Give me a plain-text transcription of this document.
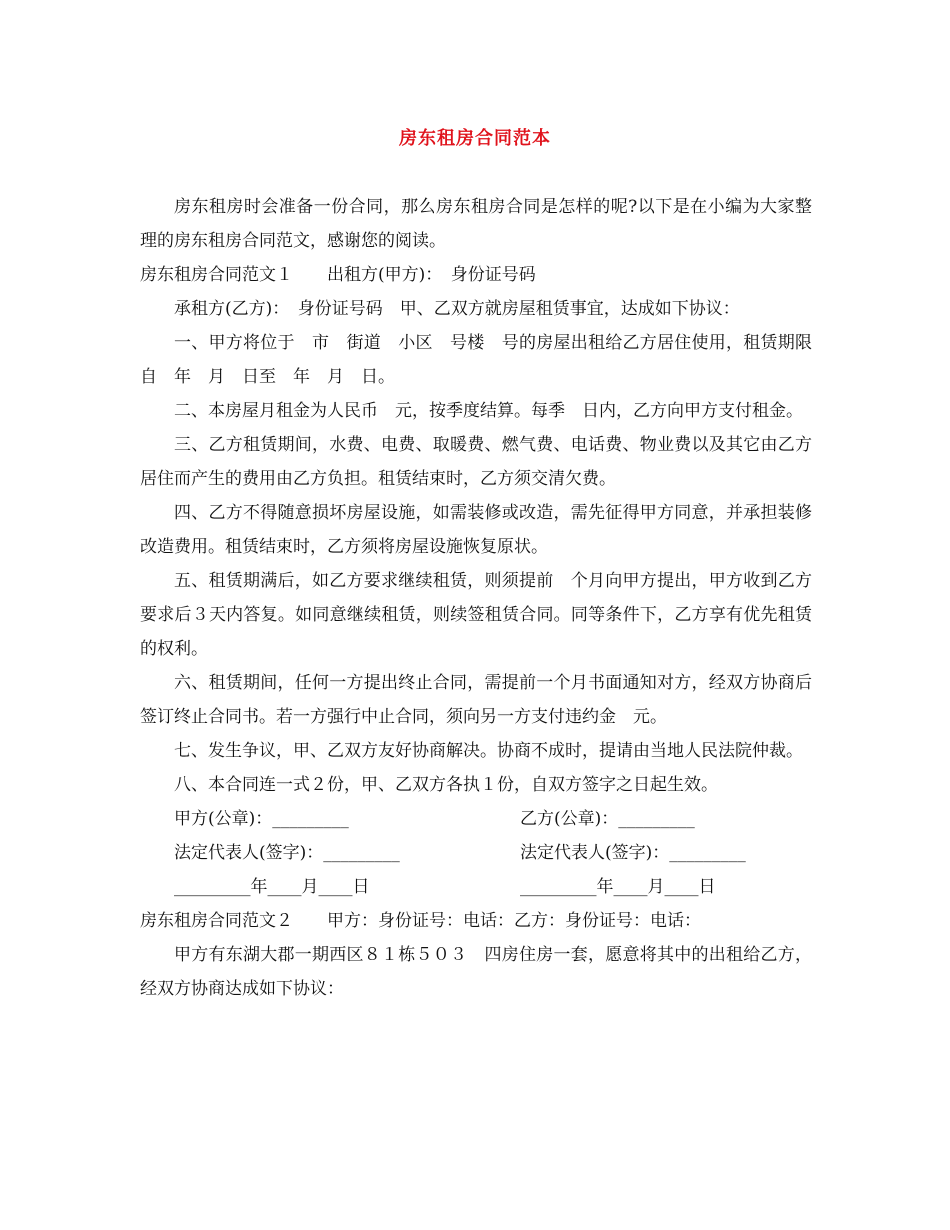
房东租房合同范本

房东租房时会准备一份合同，那么房东租房合同是怎样的呢?以下是在小编为大家整理的房东租房合同范文，感谢您的阅读。

房东租房合同范文１　　出租方(甲方)：　身份证号码

承租方(乙方)：　身份证号码　甲、乙双方就房屋租赁事宜，达成如下协议：

一、甲方将位于　市　街道　小区　号楼　号的房屋出租给乙方居住使用，租赁期限自　年　月　日至　年　月　日。

二、本房屋月租金为人民币　元，按季度结算。每季　日内，乙方向甲方支付租金。

三、乙方租赁期间，水费、电费、取暖费、燃气费、电话费、物业费以及其它由乙方居住而产生的费用由乙方负担。租赁结束时，乙方须交清欠费。

四、乙方不得随意损坏房屋设施，如需装修或改造，需先征得甲方同意，并承担装修改造费用。租赁结束时，乙方须将房屋设施恢复原状。

五、租赁期满后，如乙方要求继续租赁，则须提前　个月向甲方提出，甲方收到乙方要求后３天内答复。如同意继续租赁，则续签租赁合同。同等条件下，乙方享有优先租赁的权利。

六、租赁期间，任何一方提出终止合同，需提前一个月书面通知对方，经双方协商后签订终止合同书。若一方强行中止合同，须向另一方支付违约金　元。

七、发生争议，甲、乙双方友好协商解决。协商不成时，提请由当地人民法院仲裁。

八、本合同连一式２份，甲、乙双方各执１份，自双方签字之日起生效。

甲方(公章)：_________	乙方(公章)：_________
法定代表人(签字)：_________	法定代表人(签字)：_________
_________年____月____日	_________年____月____日

房东租房合同范文２　　甲方：身份证号：电话：乙方：身份证号：电话：

甲方有东湖大郡一期西区８１栋５０３　四房住房一套，愿意将其中的出租给乙方，经双方协商达成如下协议：
